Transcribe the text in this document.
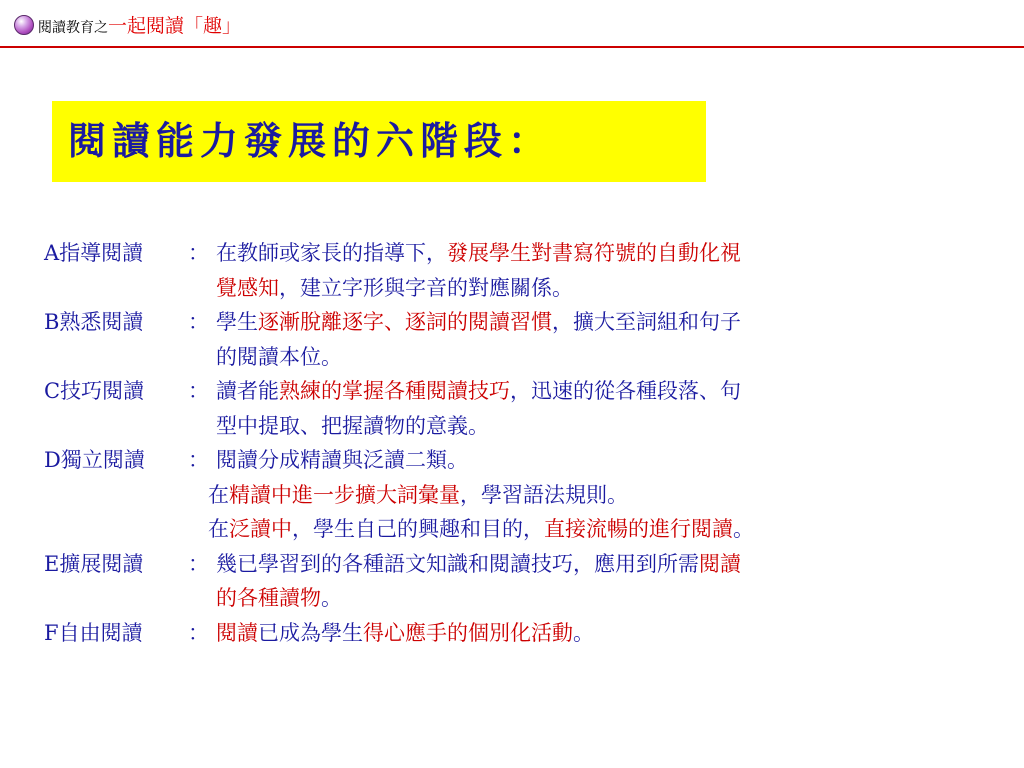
閱讀教育之一起閱讀「趣」
閱讀能力發展的六階段：
A指導閱讀	： 在教師或家長的指導下，發展學生對書寫符號的自動化視
覺感知 ，建立字形與字音的對應關係。
B熟悉閱讀	： 學生逐漸脫離逐字、逐詞的閱讀習慣，擴大至詞組和句子
的閱讀本位。
C技巧閱讀	： 讀者能熟練的掌握各種閱讀技巧，迅速的從各種段落、句
型中提取、把握讀物的意義。
D獨立閱讀	： 閱讀分成精讀與泛讀二類。
在 精讀中進一步擴大詞彙量 ，學習語法規則。
在 泛讀中 ，學生自己的興趣和目的， 直接流暢的進行閱讀 。
E擴展閱讀	： 幾已學習到的各種語文知識和閱讀技巧，應用到所需閱讀
的各種讀物 。
F自由閱讀	： 閱讀已成為學生得心應手的個別化活動。
